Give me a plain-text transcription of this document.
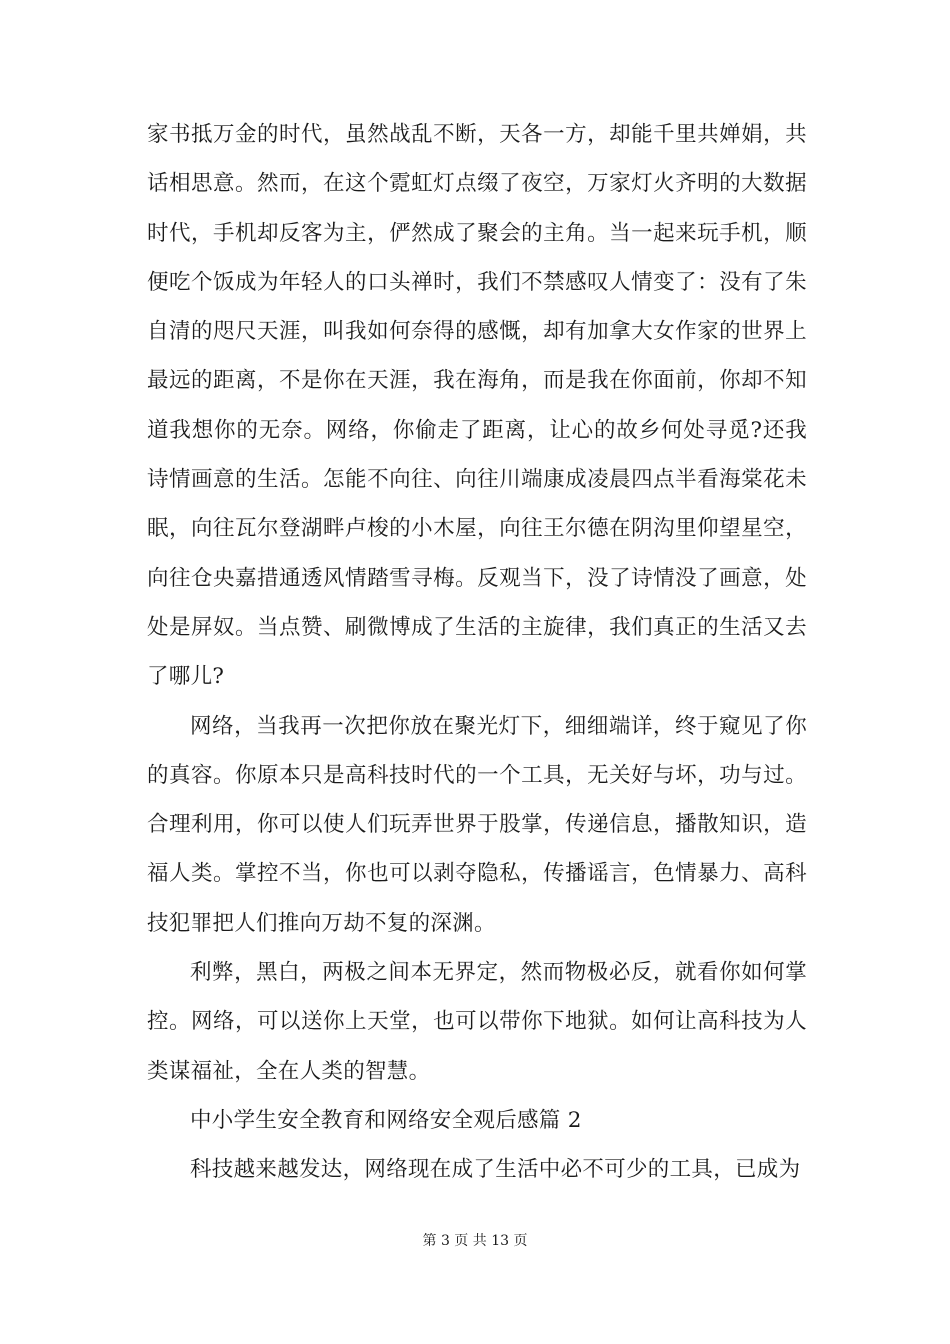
家书抵万金的时代，虽然战乱不断，天各一方，却能千里共婵娟，共话相思意。然而，在这个霓虹灯点缀了夜空，万家灯火齐明的大数据时代，手机却反客为主，俨然成了聚会的主角。当一起来玩手机，顺便吃个饭成为年轻人的口头禅时，我们不禁感叹人情变了：没有了朱自清的咫尺天涯，叫我如何奈得的感慨，却有加拿大女作家的世界上最远的距离，不是你在天涯，我在海角，而是我在你面前，你却不知道我想你的无奈。网络，你偷走了距离，让心的故乡何处寻觅?还我诗情画意的生活。怎能不向往、向往川端康成凌晨四点半看海棠花未眠，向往瓦尔登湖畔卢梭的小木屋，向往王尔德在阴沟里仰望星空，向往仓央嘉措通透风情踏雪寻梅。反观当下，没了诗情没了画意，处处是屏奴。当点赞、刷微博成了生活的主旋律，我们真正的生活又去了哪儿?

网络，当我再一次把你放在聚光灯下，细细端详，终于窥见了你的真容。你原本只是高科技时代的一个工具，无关好与坏，功与过。合理利用，你可以使人们玩弄世界于股掌，传递信息，播散知识，造福人类。掌控不当，你也可以剥夺隐私，传播谣言，色情暴力、高科技犯罪把人们推向万劫不复的深渊。

利弊，黑白，两极之间本无界定，然而物极必反，就看你如何掌控。网络，可以送你上天堂，也可以带你下地狱。如何让高科技为人类谋福祉，全在人类的智慧。

中小学生安全教育和网络安全观后感篇 2

科技越来越发达，网络现在成了生活中必不可少的工具，已成为

第 3 页 共 13 页
